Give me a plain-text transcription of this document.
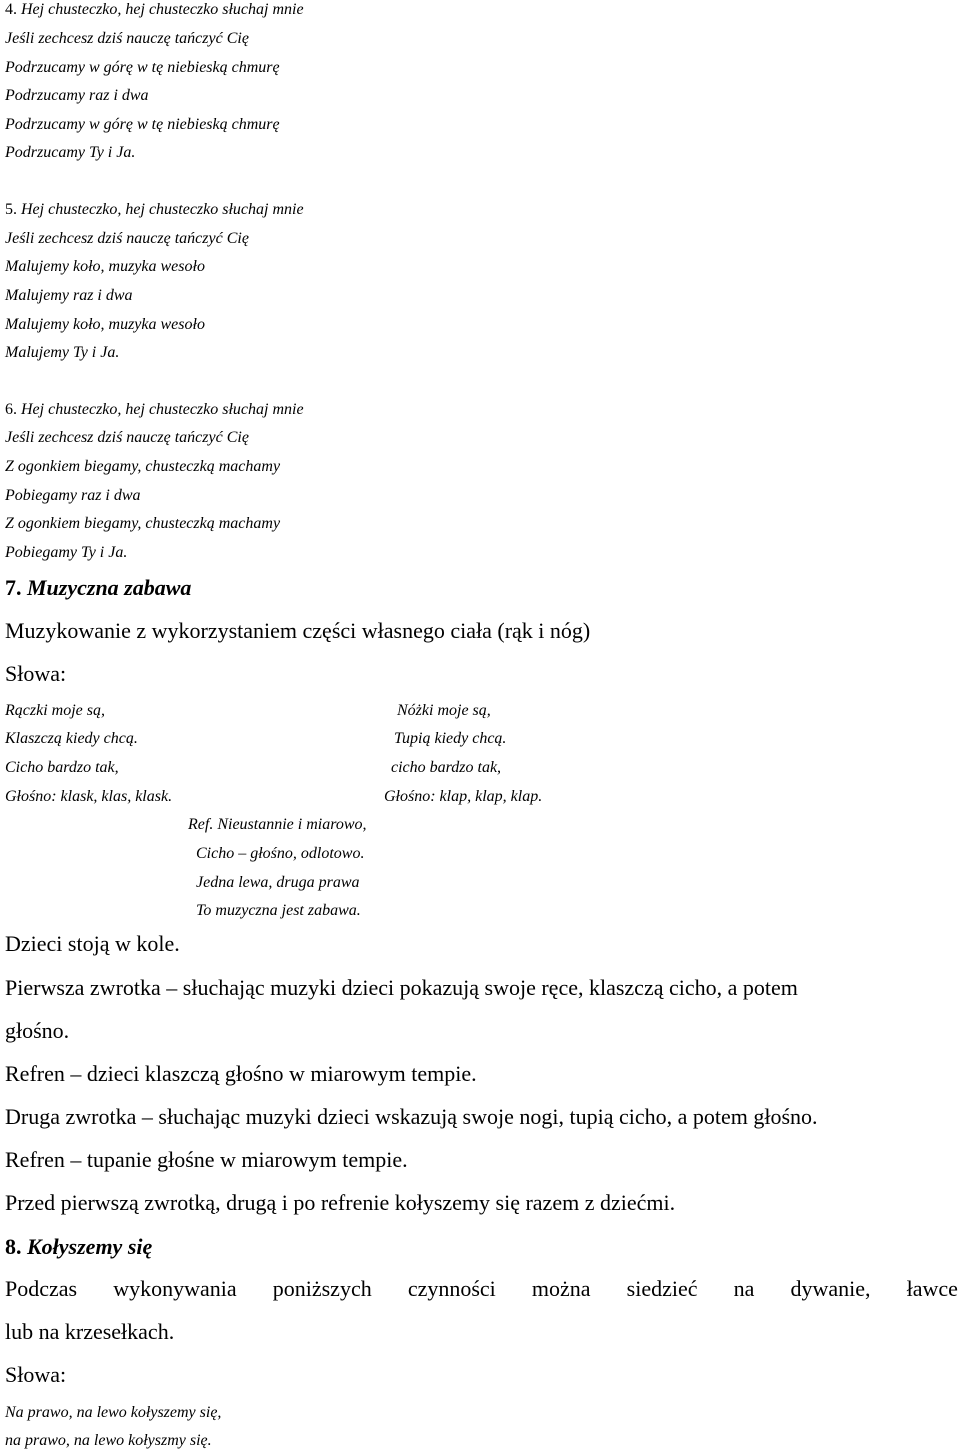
4. Hej chusteczko, hej chusteczko słuchaj mnie

Jeśli zechcesz dziś nauczę tańczyć Cię

Podrzucamy w górę w tę niebieską chmurę

Podrzucamy raz i dwa

Podrzucamy w górę w tę niebieską chmurę

Podrzucamy Ty i Ja.

5. Hej chusteczko, hej chusteczko słuchaj mnie

Jeśli zechcesz dziś nauczę tańczyć Cię

Malujemy koło, muzyka wesoło

Malujemy raz i dwa

Malujemy koło, muzyka wesoło

Malujemy Ty i Ja.

6. Hej chusteczko, hej chusteczko słuchaj mnie

Jeśli zechcesz dziś nauczę tańczyć Cię

Z ogonkiem biegamy, chusteczką machamy

Pobiegamy raz i dwa

Z ogonkiem biegamy, chusteczką machamy

Pobiegamy Ty i Ja.

7. Muzyczna zabawa

Muzykowanie z wykorzystaniem części własnego ciała (rąk i nóg)

Słowa:

Rączki moje są,

Klaszczą kiedy chcą.

Cicho bardzo tak,

Głośno: klask, klas, klask.

Nóżki moje są,

Tupią kiedy chcą.

cicho bardzo tak,

Głośno: klap, klap, klap.

Ref. Nieustannie i miarowo,

Cicho – głośno, odlotowo.

Jedna lewa, druga prawa

To muzyczna jest zabawa.

Dzieci stoją w kole.

Pierwsza zwrotka – słuchając muzyki dzieci pokazują swoje ręce, klaszczą cicho, a potem

głośno.

Refren – dzieci klaszczą głośno w miarowym tempie.

Druga zwrotka – słuchając muzyki dzieci wskazują swoje nogi, tupią cicho, a potem głośno.

Refren – tupanie głośne w miarowym tempie.

Przed pierwszą zwrotką, drugą i po refrenie kołyszemy się razem z dziećmi.

8. Kołyszemy się

Podczas wykonywania poniższych czynności można siedzieć na dywanie, ławce

lub na krzesełkach.

Słowa:

Na prawo, na lewo kołyszemy się,

na prawo, na lewo kołyszmy się.
